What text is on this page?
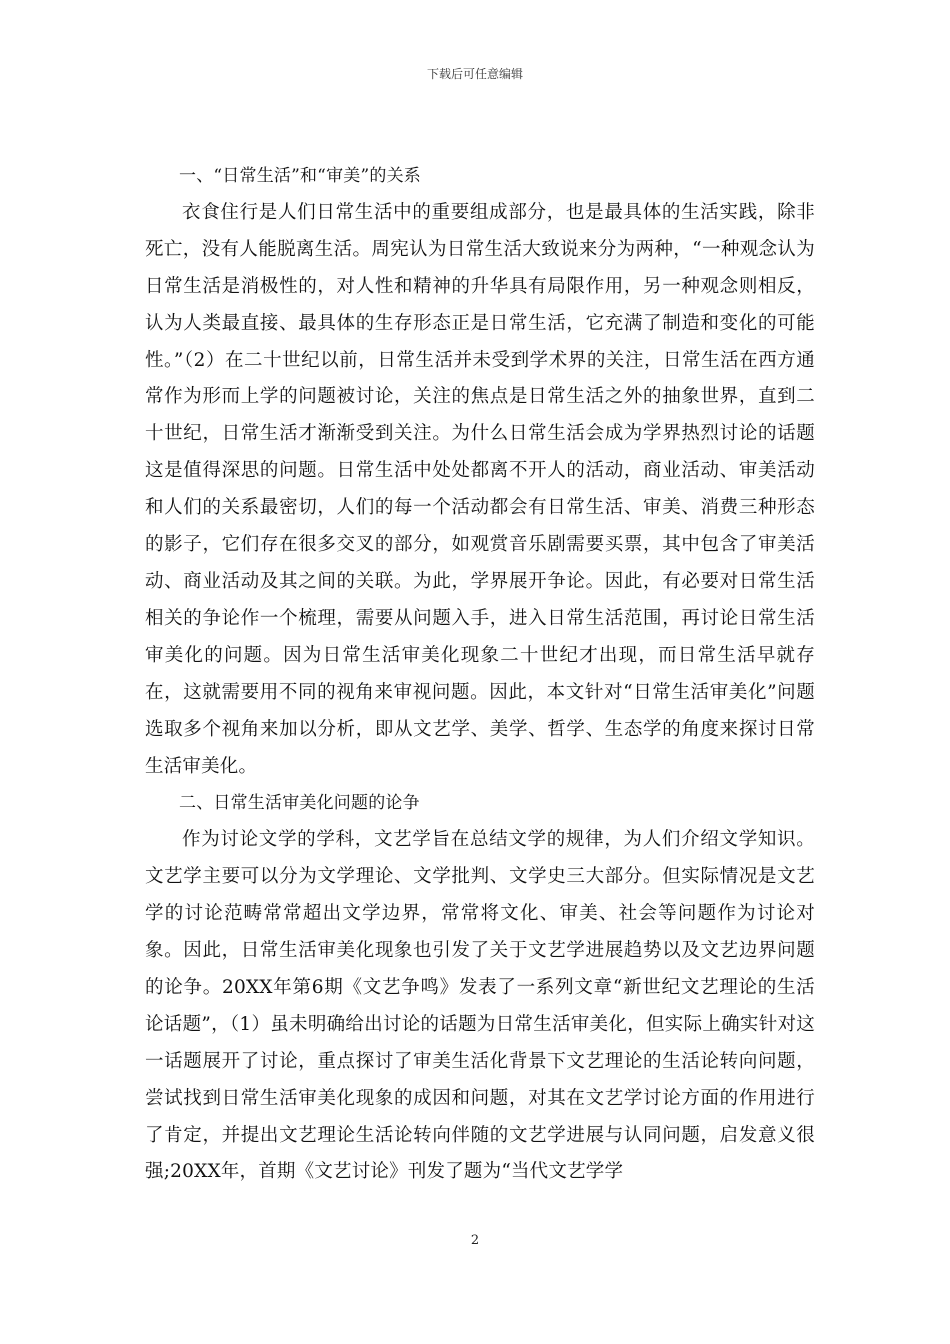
下载后可任意编辑

一、“日常生活”和“审美”的关系

衣食住行是人们日常生活中的重要组成部分，也是最具体的生活实践，除非死亡，没有人能脱离生活。周宪认为日常生活大致说来分为两种，“一种观念认为日常生活是消极性的，对人性和精神的升华具有局限作用，另一种观念则相反，认为人类最直接、最具体的生存形态正是日常生活，它充满了制造和变化的可能性。”（2）在二十世纪以前，日常生活并未受到学术界的关注，日常生活在西方通常作为形而上学的问题被讨论，关注的焦点是日常生活之外的抽象世界，直到二十世纪，日常生活才渐渐受到关注。为什么日常生活会成为学界热烈讨论的话题这是值得深思的问题。日常生活中处处都离不开人的活动，商业活动、审美活动和人们的关系最密切，人们的每一个活动都会有日常生活、审美、消费三种形态的影子，它们存在很多交叉的部分，如观赏音乐剧需要买票，其中包含了审美活动、商业活动及其之间的关联。为此，学界展开争论。因此，有必要对日常生活相关的争论作一个梳理，需要从问题入手，进入日常生活范围，再讨论日常生活审美化的问题。因为日常生活审美化现象二十世纪才出现，而日常生活早就存在，这就需要用不同的视角来审视问题。因此，本文针对“日常生活审美化”问题选取多个视角来加以分析，即从文艺学、美学、哲学、生态学的角度来探讨日常生活审美化。

二、日常生活审美化问题的论争

作为讨论文学的学科，文艺学旨在总结文学的规律，为人们介绍文学知识。文艺学主要可以分为文学理论、文学批判、文学史三大部分。但实际情况是文艺学的讨论范畴常常超出文学边界，常常将文化、审美、社会等问题作为讨论对象。因此，日常生活审美化现象也引发了关于文艺学进展趋势以及文艺边界问题的论争。20XX年第6期《文艺争鸣》发表了一系列文章“新世纪文艺理论的生活论话题”，（1）虽未明确给出讨论的话题为日常生活审美化，但实际上确实针对这一话题展开了讨论，重点探讨了审美生活化背景下文艺理论的生活论转向问题，尝试找到日常生活审美化现象的成因和问题，对其在文艺学讨论方面的作用进行了肯定，并提出文艺理论生活论转向伴随的文艺学进展与认同问题，启发意义很强;20XX年，首期《文艺讨论》刊发了题为“当代文艺学学

2
